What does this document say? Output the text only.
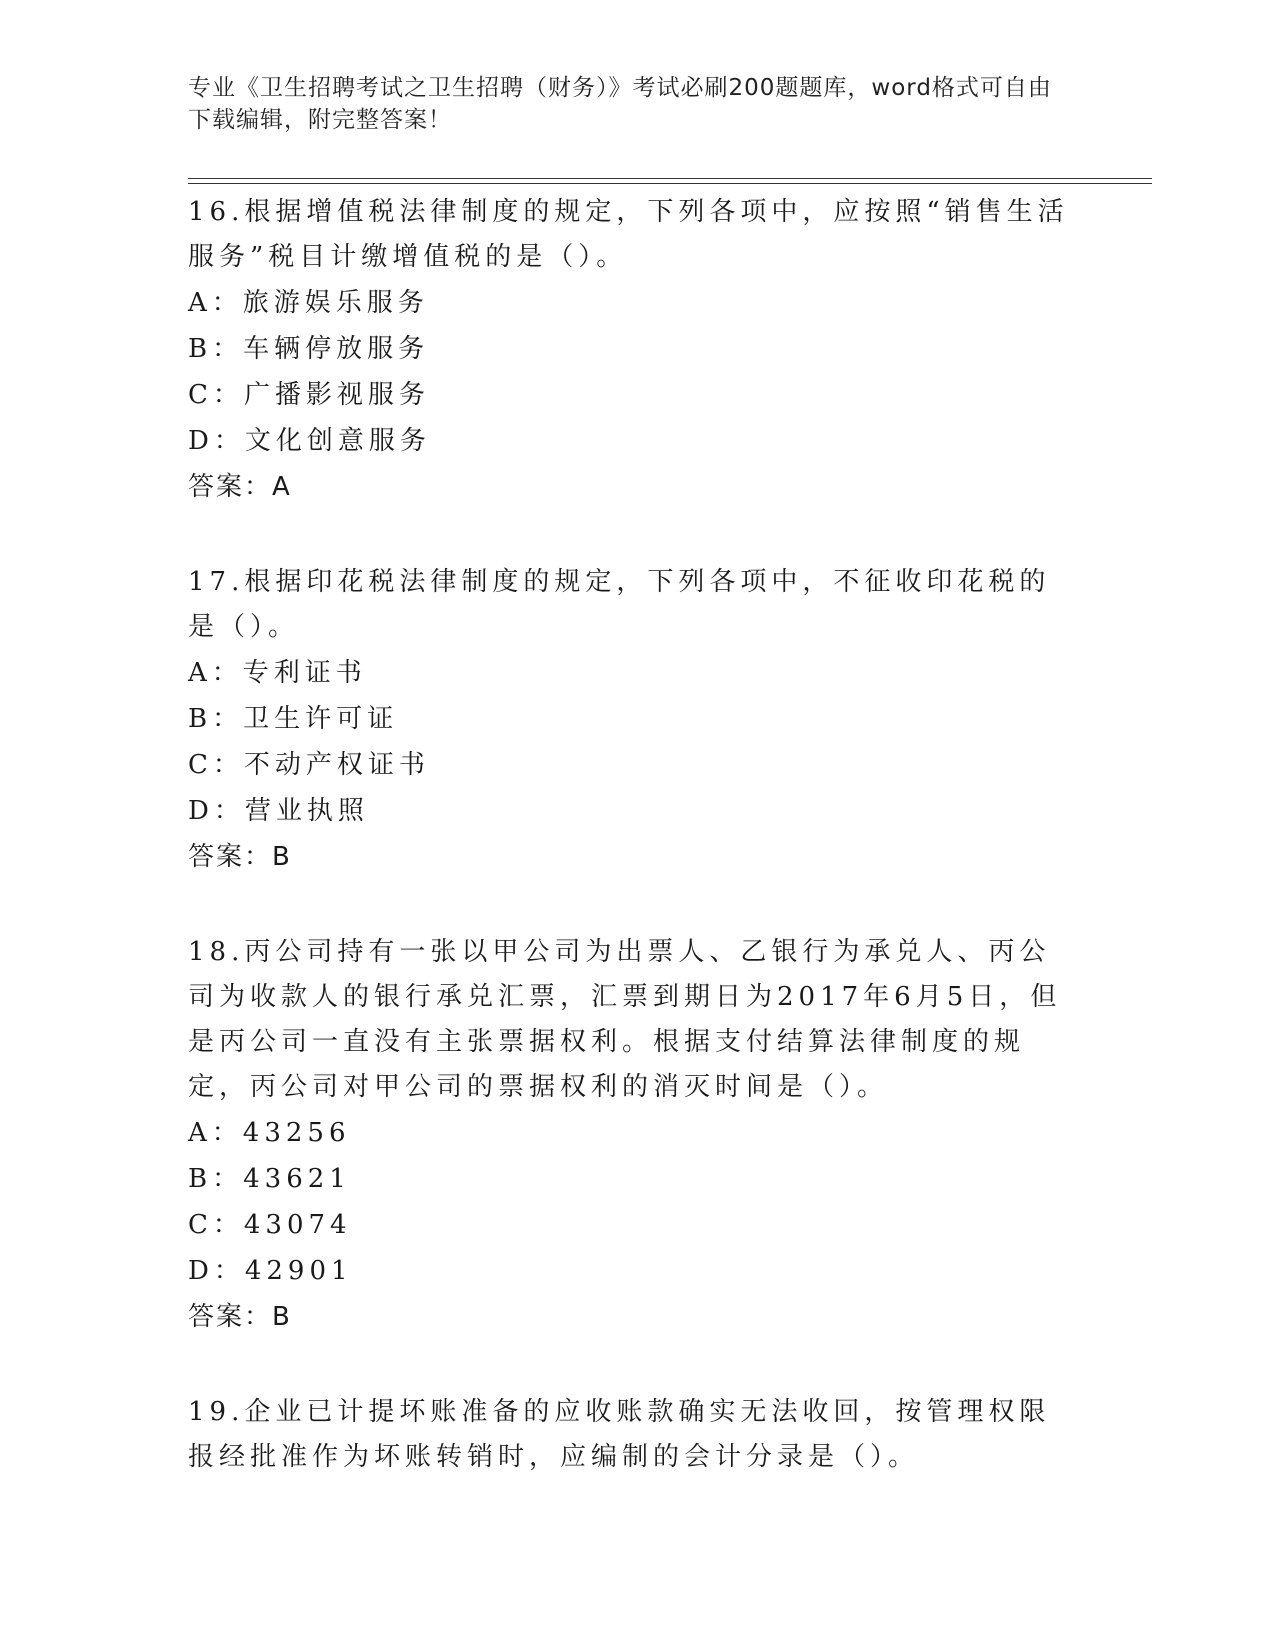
专业《卫生招聘考试之卫生招聘（财务）》考试必刷200题题库，word格式可自由下载编辑，附完整答案！
16.根据增值税法律制度的规定，下列各项中，应按照“销售生活服务”税目计缴增值税的是（）。
A：旅游娱乐服务
B：车辆停放服务
C：广播影视服务
D：文化创意服务
答案：A
17.根据印花税法律制度的规定，下列各项中，不征收印花税的是（）。
A：专利证书
B：卫生许可证
C：不动产权证书
D：营业执照
答案：B
18.丙公司持有一张以甲公司为出票人、乙银行为承兑人、丙公司为收款人的银行承兑汇票，汇票到期日为2017年6月5日，但是丙公司一直没有主张票据权利。根据支付结算法律制度的规定，丙公司对甲公司的票据权利的消灭时间是（）。
A：43256
B：43621
C：43074
D：42901
答案：B
19.企业已计提坏账准备的应收账款确实无法收回，按管理权限报经批准作为坏账转销时，应编制的会计分录是（）。
